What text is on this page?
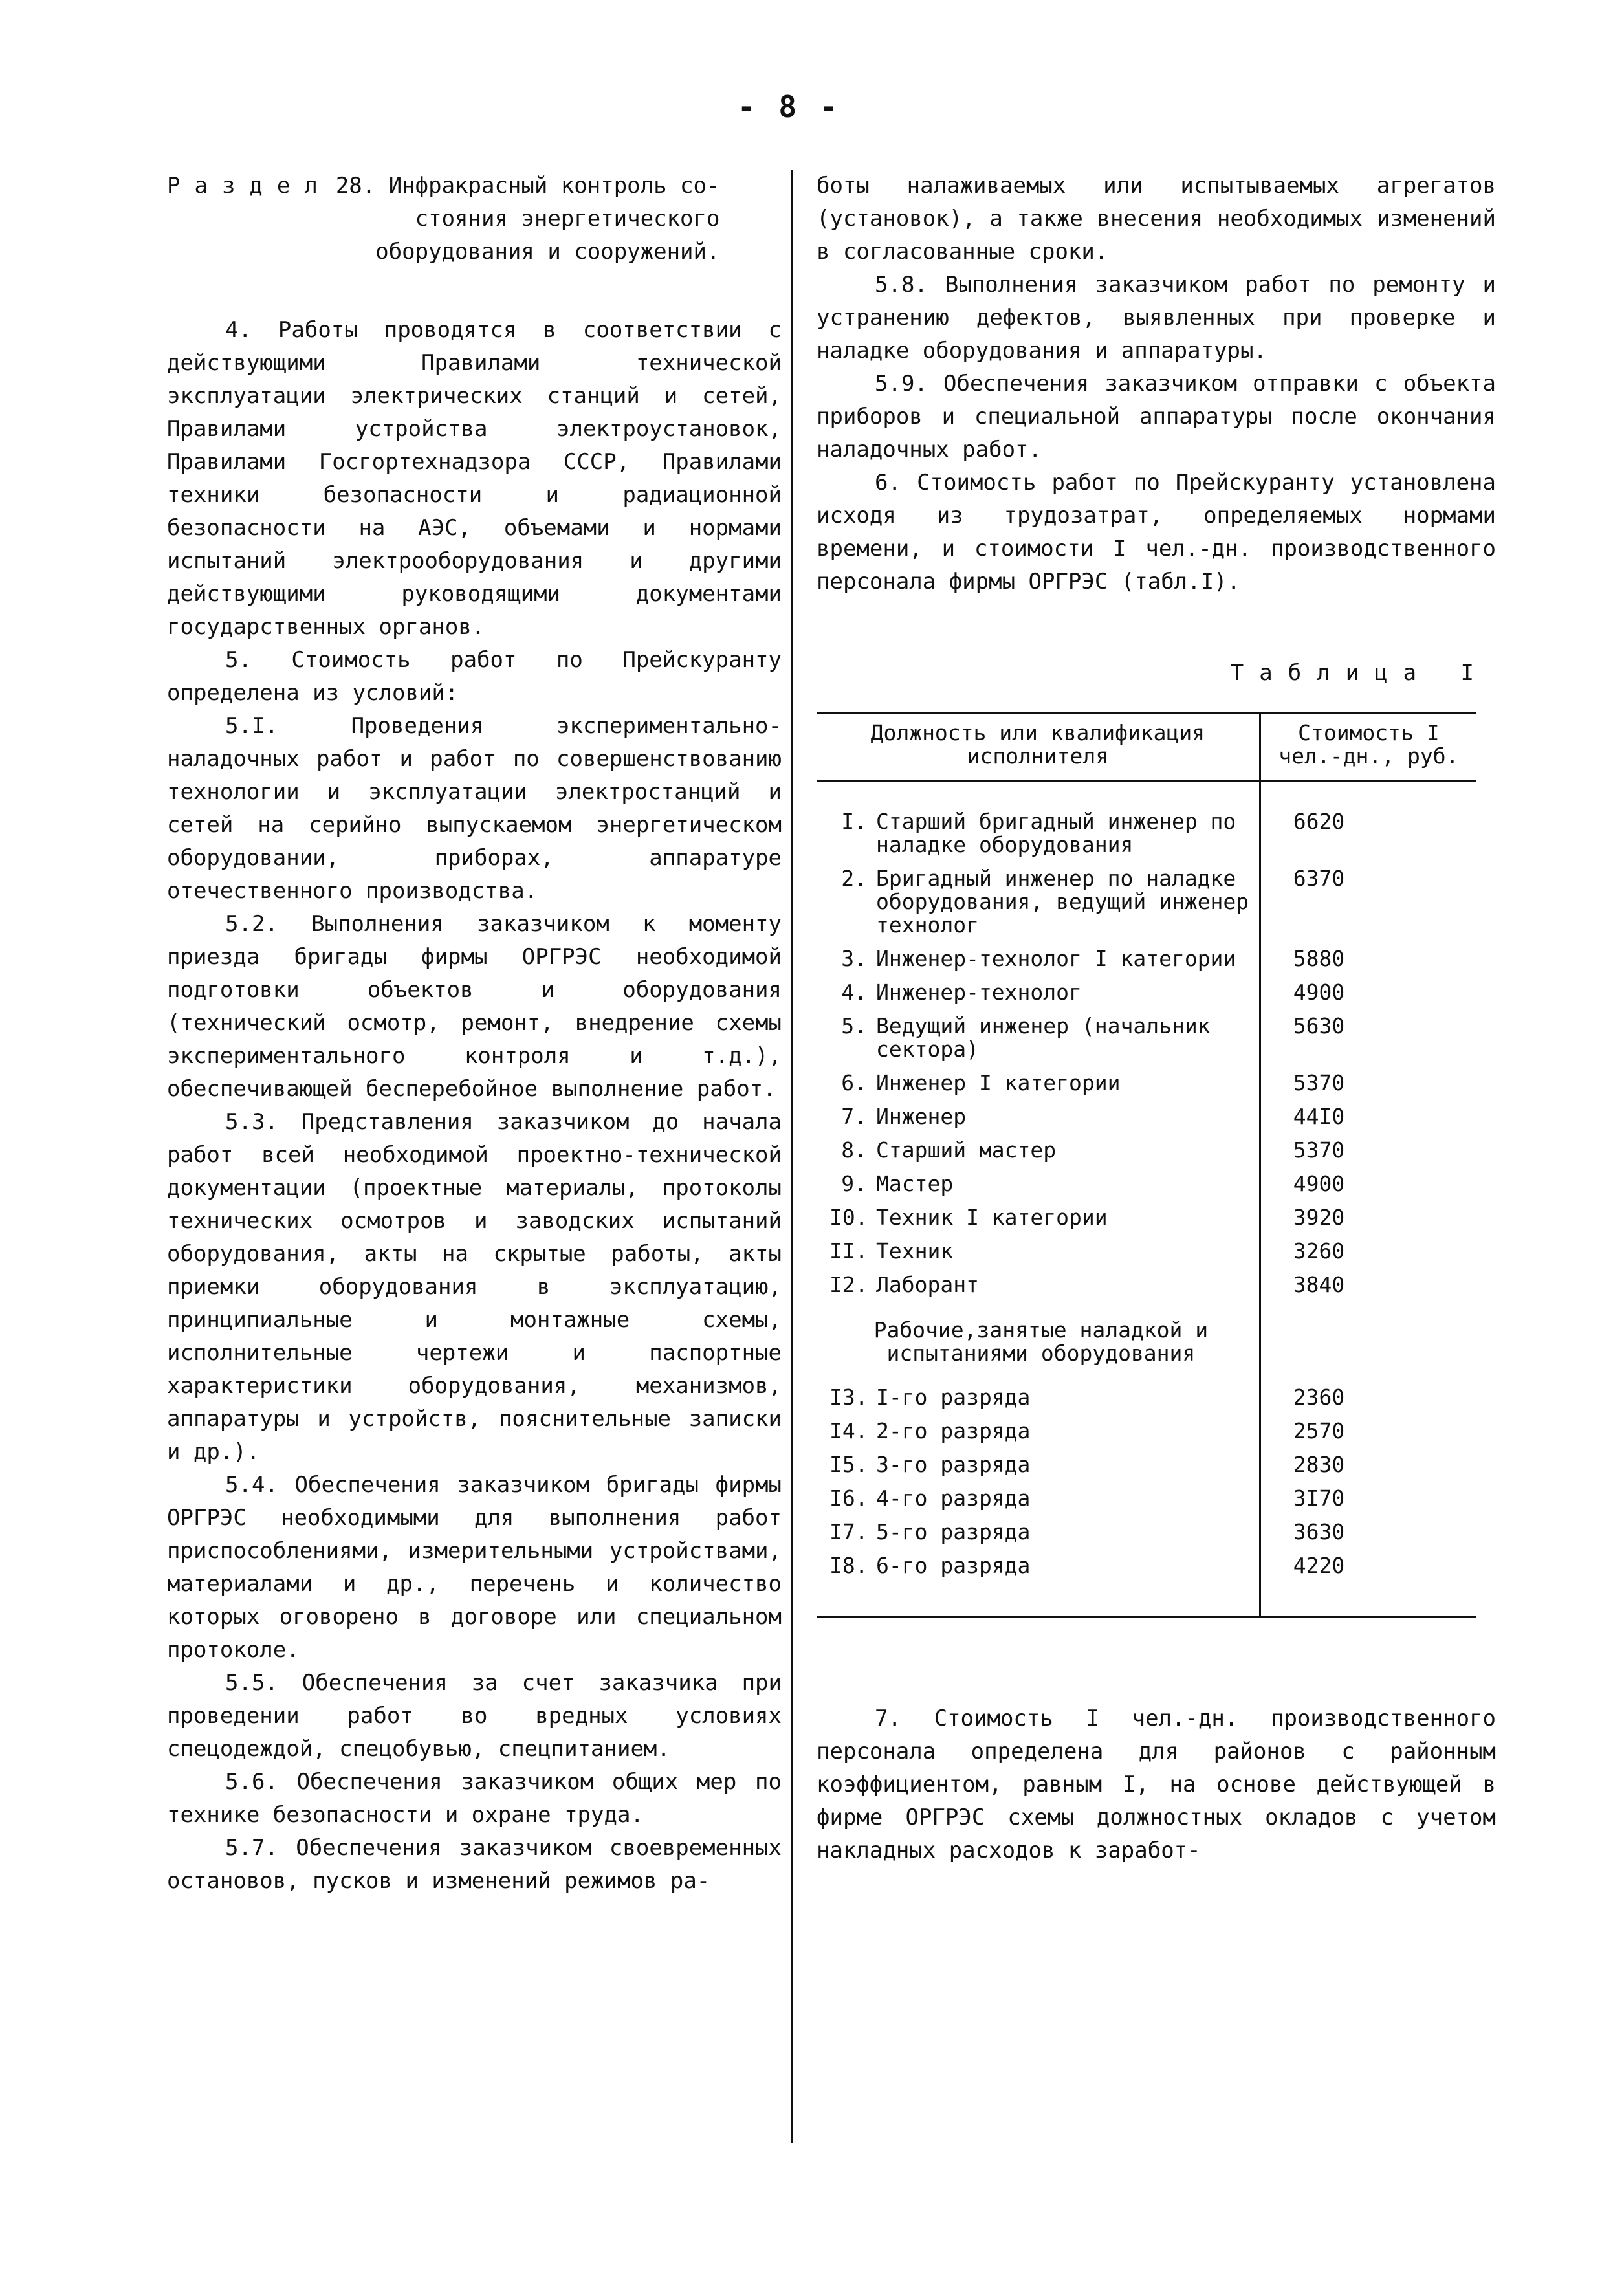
- 8 -
Раздел 28. Инфракрасный контроль со-
стояния энергетического
оборудования и сооружений.

4. Работы проводятся в соответствии с действующими Правилами технической эксплуатации электрических станций и сетей, Правилами устройства электроустановок, Правилами Госгортехнадзора СССР, Правилами техники безопасности и радиационной безопасности на АЭС, объемами и нормами испытаний электрооборудования и другими действующими руководящими документами государственных органов.

5. Стоимость работ по Прейскуранту определена из условий:

5.I. Проведения экспериментально-наладочных работ и работ по совершенствованию технологии и эксплуатации электростанций и сетей на серийно выпускаемом энергетическом оборудовании, приборах, аппаратуре отечественного производства.

5.2. Выполнения заказчиком к моменту приезда бригады фирмы ОРГРЭС необходимой подготовки объектов и оборудования (технический осмотр, ремонт, внедрение схемы экспериментального контроля и т.д.), обеспечивающей бесперебойное выполнение работ.

5.3. Представления заказчиком до начала работ всей необходимой проектно-технической документации (проектные материалы, протоколы технических осмотров и заводских испытаний оборудования, акты на скрытые работы, акты приемки оборудования в эксплуатацию, принципиальные и монтажные схемы, исполнительные чертежи и паспортные характеристики оборудования, механизмов, аппаратуры и устройств, пояснительные записки и др.).

5.4. Обеспечения заказчиком бригады фирмы ОРГРЭС необходимыми для выполнения работ приспособлениями, измерительными устройствами, материалами и др., перечень и количество которых оговорено в договоре или специальном протоколе.

5.5. Обеспечения за счет заказчика при проведении работ во вредных условиях спецодеждой, спецобувью, спецпитанием.

5.6. Обеспечения заказчиком общих мер по технике безопасности и охране труда.

5.7. Обеспечения заказчиком своевременных остановов, пусков и изменений режимов ра-

боты налаживаемых или испытываемых агрегатов (установок), а также внесения необходимых изменений в согласованные сроки.

5.8. Выполнения заказчиком работ по ремонту и устранению дефектов, выявленных при проверке и наладке оборудования и аппаратуры.

5.9. Обеспечения заказчиком отправки с объекта приборов и специальной аппаратуры после окончания наладочных работ.

6. Стоимость работ по Прейскуранту установлена исходя из трудозатрат, определяемых нормами времени, и стоимости I чел.-дн. производственного персонала фирмы ОРГРЭС (табл.I).

Таблица I
Должность или квалификация исполнителя	Стоимость I чел.-дн., руб.

I. Старший бригадный инженер по наладке оборудования	6620

2. Бригадный инженер по наладке оборудования, ведущий инженер технолог	6370

3. Инженер-технолог I категории	5880

4. Инженер-технолог	4900

5. Ведущий инженер (начальник сектора)	5630

6. Инженер I категории	5370

7. Инженер	44I0

8. Старший мастер	5370

9. Мастер	4900

I0. Техник I категории	3920

II. Техник	3260

I2. Лаборант	3840
Рабочие,занятые наладкой и испытаниями оборудования	

I3. I-го разряда	2360

I4. 2-го разряда	2570

I5. 3-го разряда	2830

I6. 4-го разряда	3I70

I7. 5-го разряда	3630

I8. 6-го разряда	4220

7. Стоимость I чел.-дн. производственного персонала определена для районов с районным коэффициентом, равным I, на основе действующей в фирме ОРГРЭС схемы должностных окладов с учетом накладных расходов к заработ-
